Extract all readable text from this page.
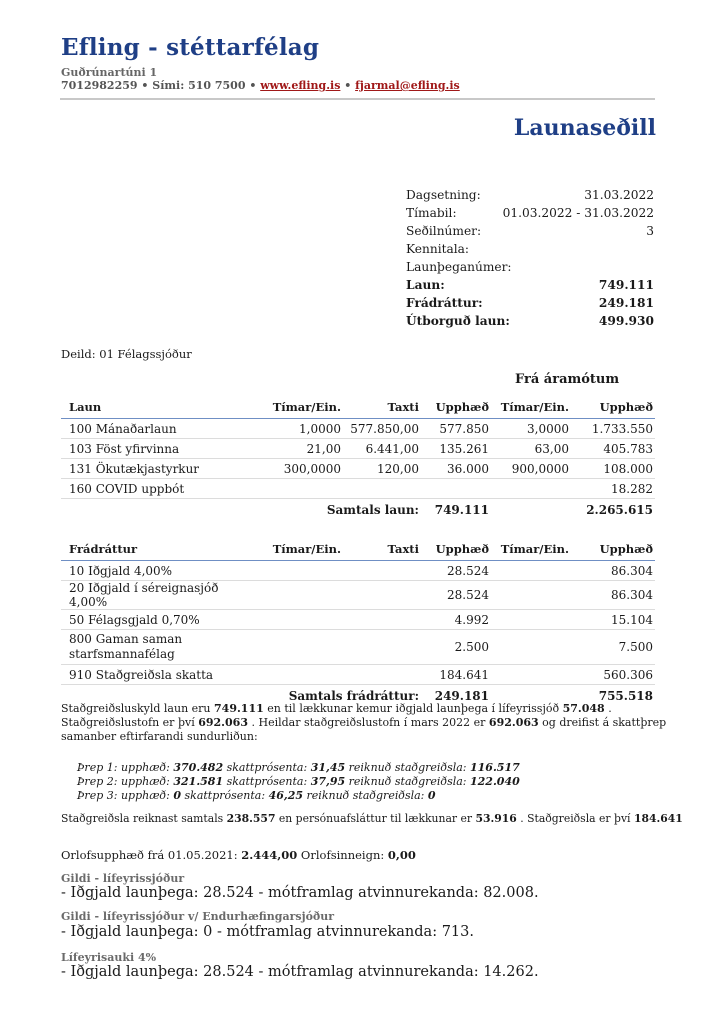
Efling - stéttarfélag
Guðrúnartúni 1
7012982259 • Sími: 510 7500 • www.efling.is • fjarmal@efling.is
Launaseðill
Dagsetning:	31.03.2022
Tímabil:	01.03.2022 - 31.03.2022
Seðilnúmer:	3
Kennitala:
Launþeganúmer:
Laun:	749.111
Frádráttur:	249.181
Útborguð laun:	499.930
Deild: 01 Félagssjóður
Frá áramótum
Laun	Tímar/Ein.	Taxti	Upphæð	Tímar/Ein.	Upphæð
100 Mánaðarlaun	1,0000	577.850,00	577.850	3,0000	1.733.550
103 Föst yfirvinna	21,00	6.441,00	135.261	63,00	405.783
131 Ökutækjastyrkur	300,0000	120,00	36.000	900,0000	108.000
160 COVID uppbót					18.282
Samtals laun:			749.111		2.265.615
Frádráttur	Tímar/Ein.	Taxti	Upphæð	Tímar/Ein.	Upphæð
10 Iðgjald 4,00%			28.524		86.304
20 Iðgjald í séreignasjóð 4,00%			28.524		86.304
50 Félagsgjald 0,70%			4.992		15.104
800 Gaman saman starfsmannafélag			2.500		7.500
910 Staðgreiðsla skatta			184.641		560.306
Samtals frádráttur:			249.181		755.518
Staðgreiðsluskyld laun eru 749.111 en til lækkunar kemur iðgjald launþega í lífeyrissjóð 57.048 .
Staðgreiðslustofn er því 692.063 . Heildar staðgreiðslustofn í mars 2022 er 692.063 og dreifist á skattþrep
samanber eftirfarandi sundurliðun:
Þrep 1: upphæð: 370.482 skattprósenta: 31,45 reiknuð staðgreiðsla: 116.517
Þrep 2: upphæð: 321.581 skattprósenta: 37,95 reiknuð staðgreiðsla: 122.040
Þrep 3: upphæð: 0 skattprósenta: 46,25 reiknuð staðgreiðsla: 0
Staðgreiðsla reiknast samtals 238.557 en persónuafsláttur til lækkunar er 53.916 . Staðgreiðsla er því 184.641
Orlofsupphæð frá 01.05.2021: 2.444,00 Orlofsinneign: 0,00
Gildi - lífeyrissjóður
- Iðgjald launþega: 28.524 - mótframlag atvinnurekanda: 82.008.
Gildi - lífeyrissjóður v/ Endurhæfingarsjóður
- Iðgjald launþega: 0 - mótframlag atvinnurekanda: 713.
Lífeyrisauki 4%
- Iðgjald launþega: 28.524 - mótframlag atvinnurekanda: 14.262.
